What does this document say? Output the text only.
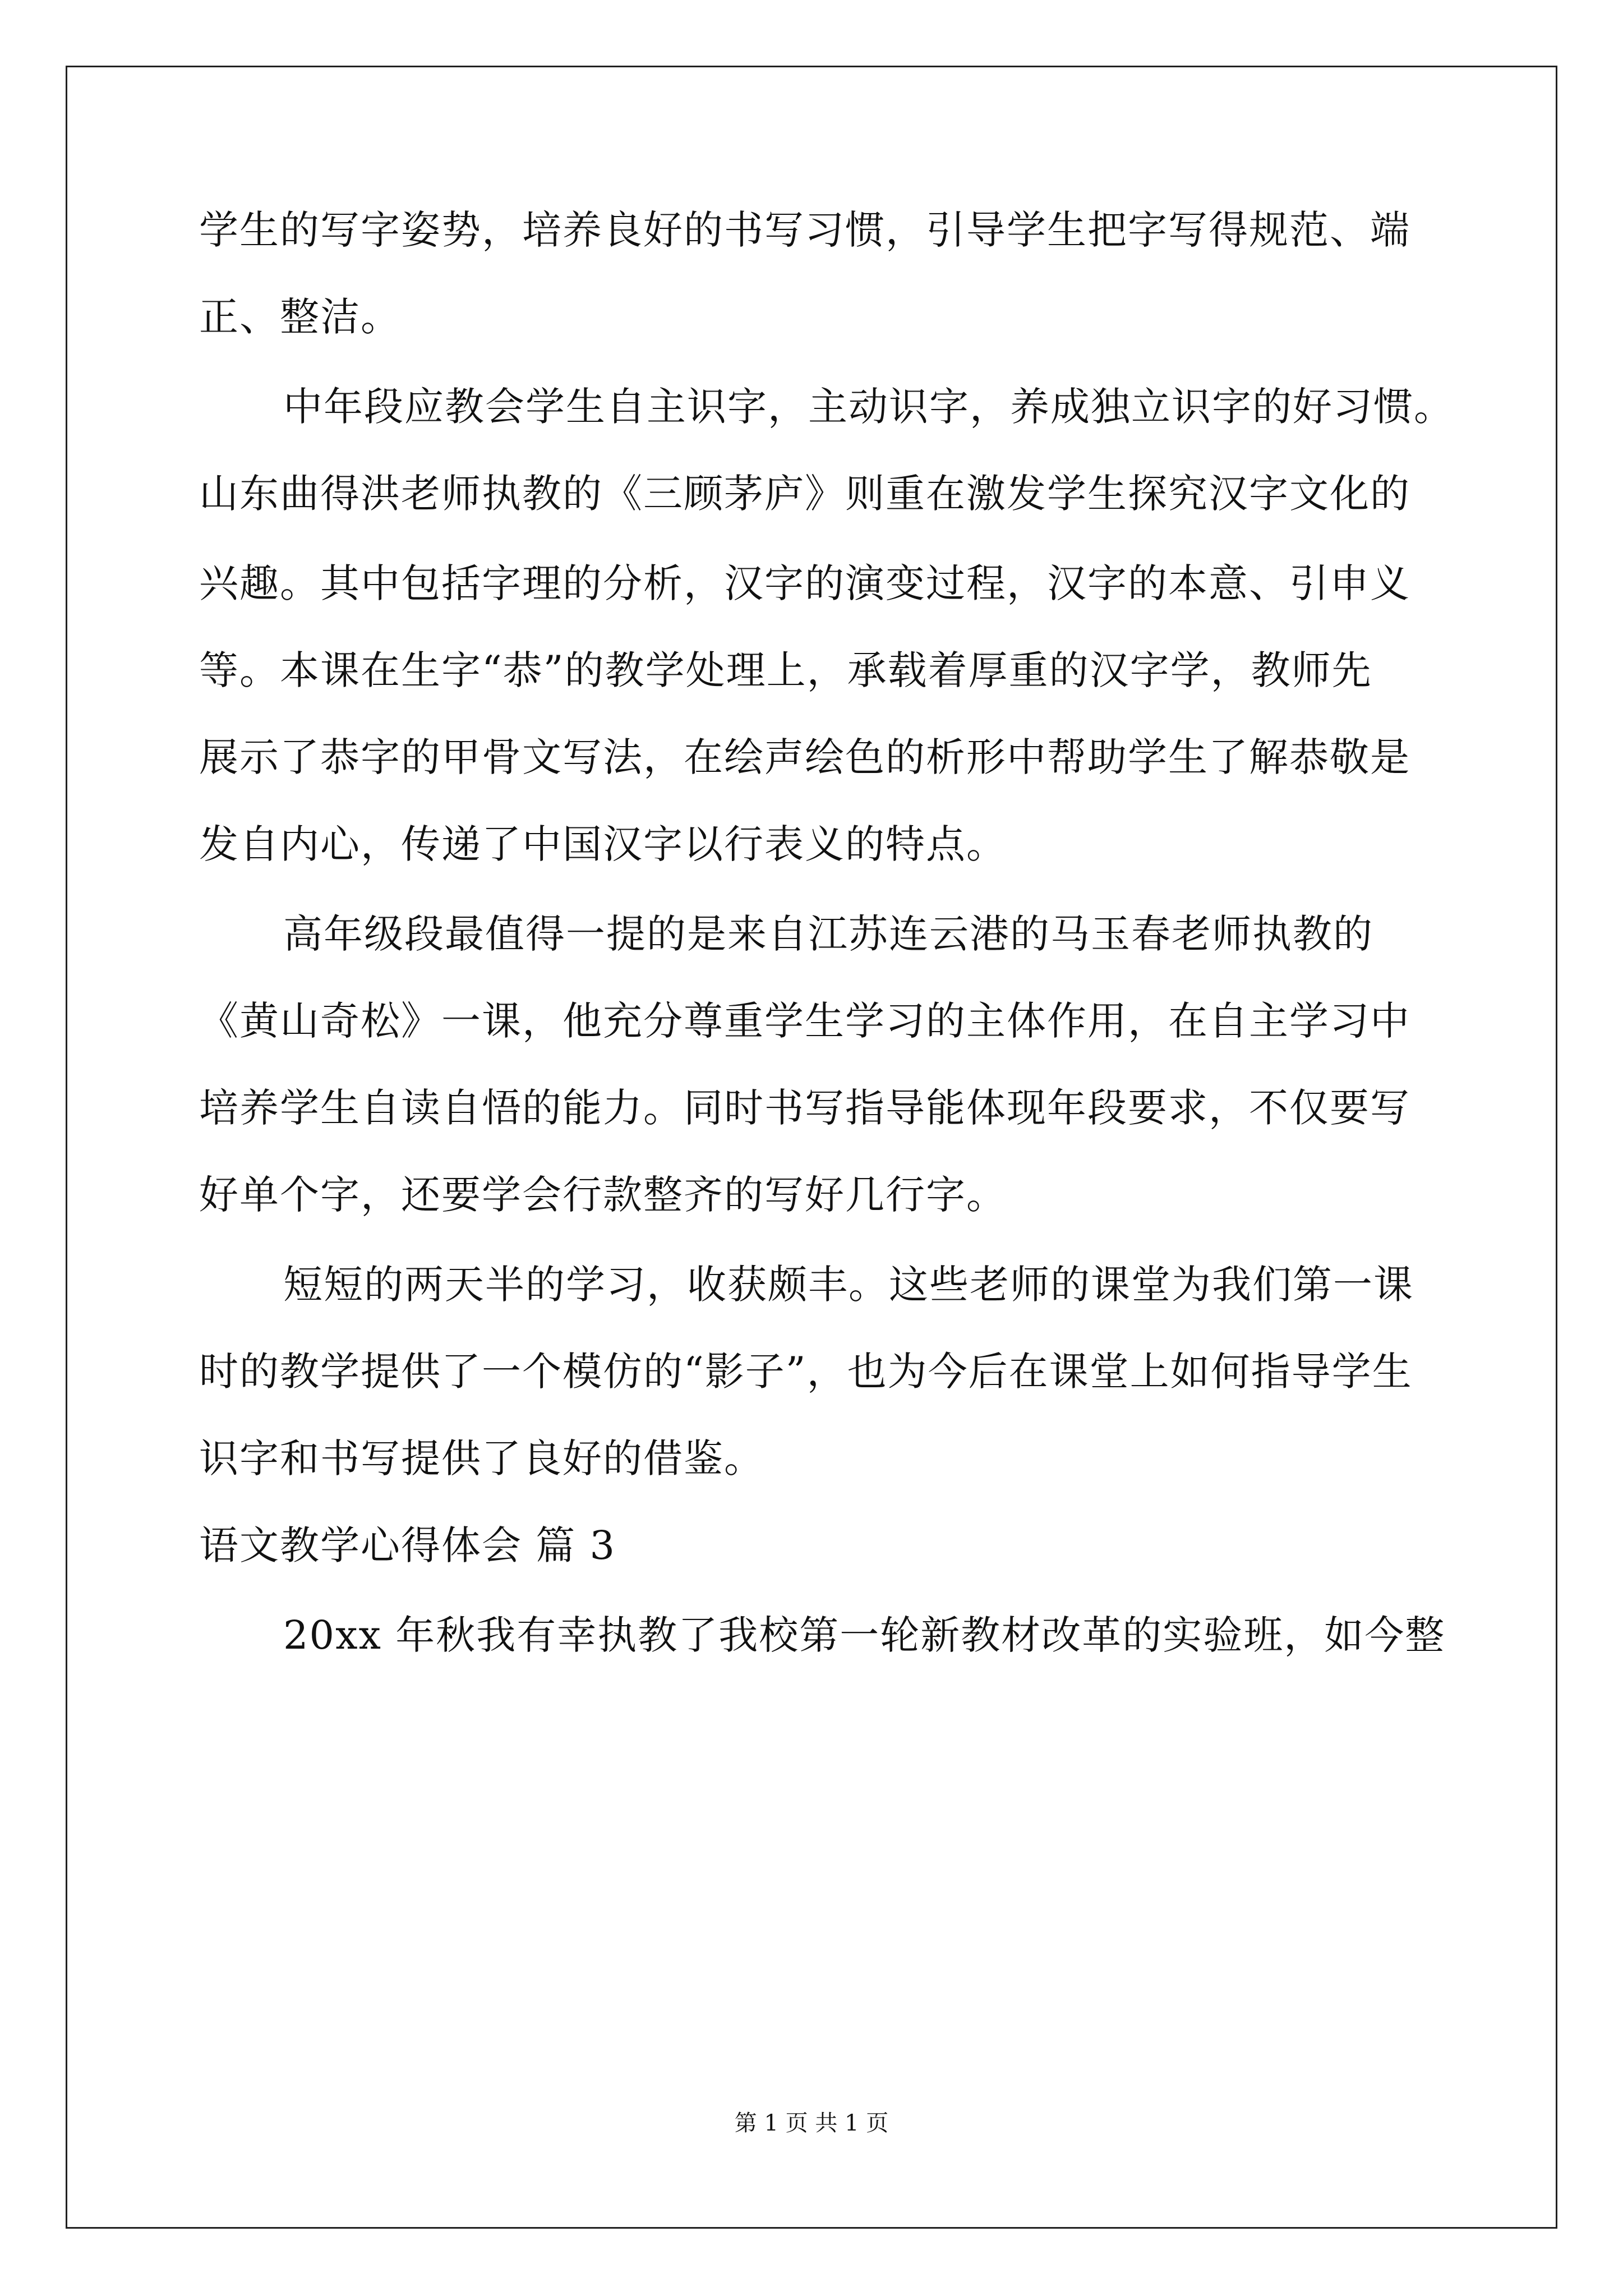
学生的写字姿势，培养良好的书写习惯，引导学生把字写得规范、端
正、整洁。
中年段应教会学生自主识字，主动识字，养成独立识字的好习惯。
山东曲得洪老师执教的《三顾茅庐》则重在激发学生探究汉字文化的
兴趣。其中包括字理的分析，汉字的演变过程，汉字的本意、引申义
等。本课在生字“恭”的教学处理上，承载着厚重的汉字学，教师先
展示了恭字的甲骨文写法，在绘声绘色的析形中帮助学生了解恭敬是
发自内心，传递了中国汉字以行表义的特点。
高年级段最值得一提的是来自江苏连云港的马玉春老师执教的
《黄山奇松》一课，他充分尊重学生学习的主体作用，在自主学习中
培养学生自读自悟的能力。同时书写指导能体现年段要求，不仅要写
好单个字，还要学会行款整齐的写好几行字。
短短的两天半的学习，收获颇丰。这些老师的课堂为我们第一课
时的教学提供了一个模仿的“影子”，也为今后在课堂上如何指导学生
识字和书写提供了良好的借鉴。
语文教学心得体会 篇 3
20xx 年秋我有幸执教了我校第一轮新教材改革的实验班，如今整
第 1 页 共 1 页
